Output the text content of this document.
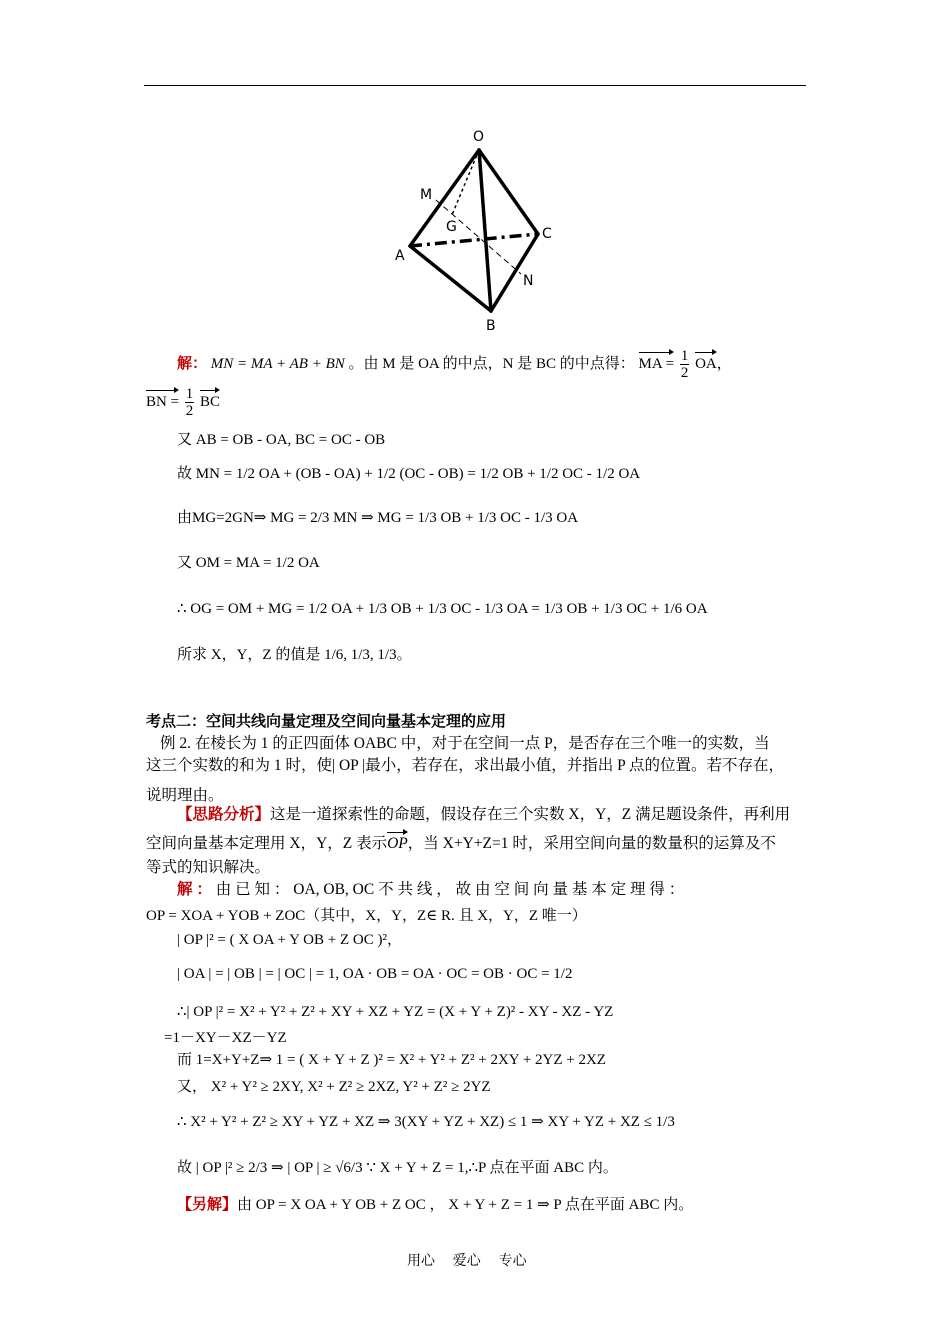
O
M
G
A
C
N
B
解： MN = MA + AB + BN 。由 M 是 OA 的中点，N 是 BC 的中点得： MA = $\frac{1}{2}$ OA，
BN = $\frac{1}{2}$ BC
又 AB = OB - OA, BC = OC - OB
故 MN = 1/2 OA + (OB - OA) + 1/2 (OC - OB) = 1/2 OB + 1/2 OC - 1/2 OA
由MG=2GN⇒ MG = 2/3 MN ⇒ MG = 1/3 OB + 1/3 OC - 1/3 OA
又 OM = MA = 1/2 OA
∴ OG = OM + MG = 1/2 OA + 1/3 OB + 1/3 OC - 1/3 OA = 1/3 OB + 1/3 OC + 1/6 OA
所求 X，Y，Z 的值是 1/6, 1/3, 1/3。
考点二：空间共线向量定理及空间向量基本定理的应用
例 2. 在棱长为 1 的正四面体 OABC 中，对于在空间一点 P，是否存在三个唯一的实数，当
这三个实数的和为 1 时，使| OP |最小，若存在，求出最小值，并指出 P 点的位置。若不存在，
说明理由。
【思路分析】这是一道探索性的命题，假设存在三个实数 X，Y，Z 满足题设条件，再利用
空间向量基本定理用 X，Y，Z 表示OP，当 X+Y+Z=1 时，采用空间向量的数量积的运算及不
等式的知识解决。
解 ： 由 已 知 ： OA, OB, OC 不 共 线 ， 故 由 空 间 向 量 基 本 定 理 得 ：
OP = XOA + YOB + ZOC（其中，X，Y，Z∈ R. 且 X，Y，Z 唯一）
| OP |² = ( X OA + Y OB + Z OC )²，
| OA | = | OB | = | OC | = 1, OA · OB = OA · OC = OB · OC = 1/2
∴| OP |² = X² + Y² + Z² + XY + XZ + YZ = (X + Y + Z)² - XY - XZ - YZ
=1－XY－XZ－YZ
而 1=X+Y+Z⇒ 1 = ( X + Y + Z )² = X² + Y² + Z² + 2XY + 2YZ + 2XZ
又， X² + Y² ≥ 2XY, X² + Z² ≥ 2XZ, Y² + Z² ≥ 2YZ
∴ X² + Y² + Z² ≥ XY + YZ + XZ ⇒ 3(XY + YZ + XZ) ≤ 1 ⇒ XY + YZ + XZ ≤ 1/3
故 | OP |² ≥ 2/3 ⇒ | OP | ≥ √6/3 ∵ X + Y + Z = 1,∴P 点在平面 ABC 内。
【另解】由 OP = X OA + Y OB + Z OC ， X + Y + Z = 1 ⇒ P 点在平面 ABC 内。
用心    爱心    专心
